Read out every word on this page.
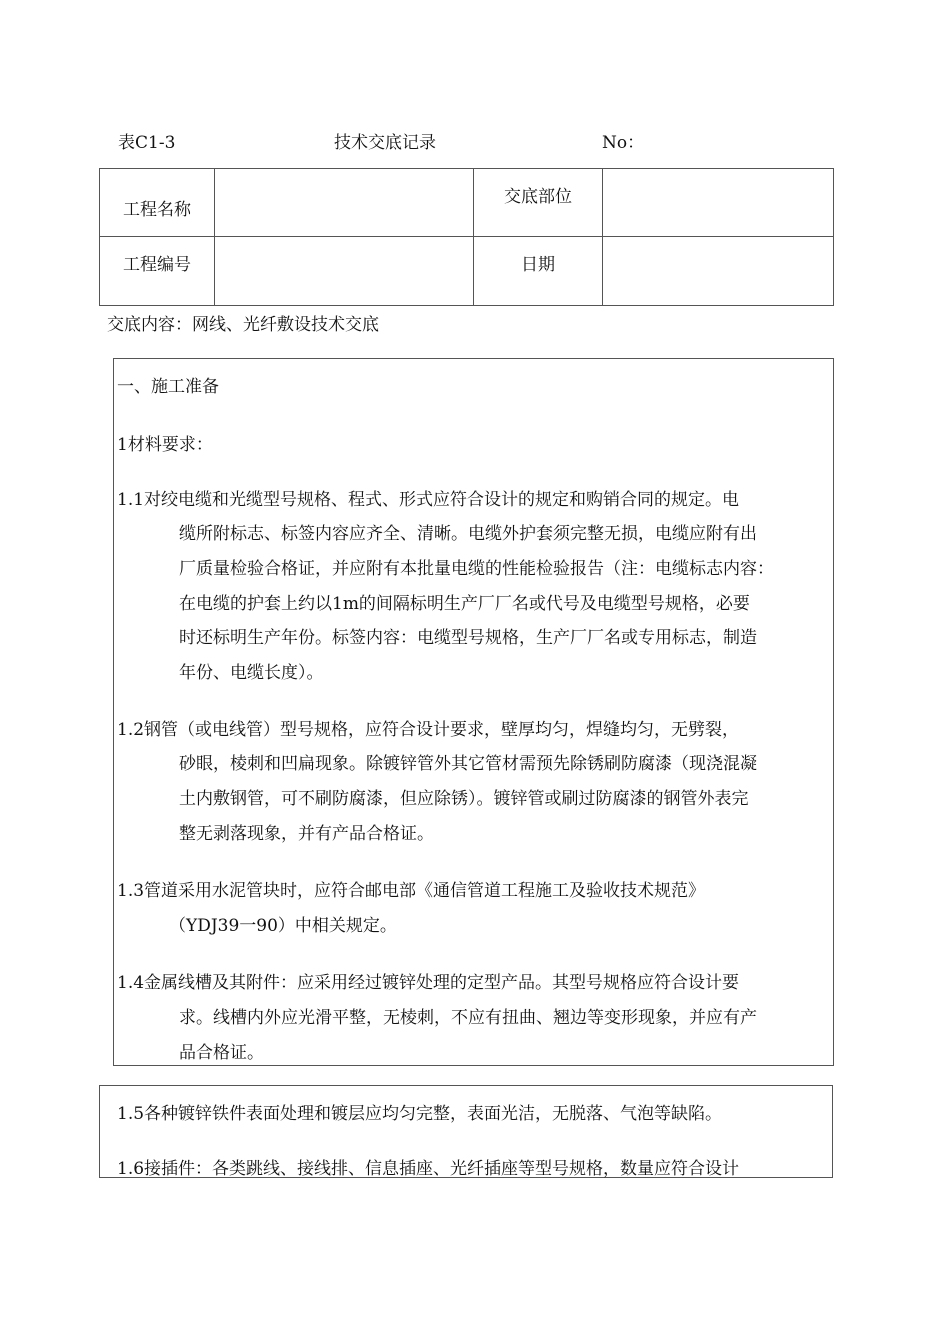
表C1-3	技术交底记录	No：
工程名称		交底部位	
工程编号		日期	
交底内容：网线、光纤敷设技术交底
一、施工准备
1材料要求：
1.1对绞电缆和光缆型号规格、程式、形式应符合设计的规定和购销合同的规定。电
缆所附标志、标签内容应齐全、清晰。电缆外护套须完整无损，电缆应附有出
厂质量检验合格证，并应附有本批量电缆的性能检验报告（注：电缆标志内容：
在电缆的护套上约以1m的间隔标明生产厂厂名或代号及电缆型号规格，必要
时还标明生产年份。标签内容：电缆型号规格，生产厂厂名或专用标志，制造
年份、电缆长度）。
1.2钢管（或电线管）型号规格，应符合设计要求，壁厚均匀，焊缝均匀，无劈裂，
砂眼，棱刺和凹扁现象。除镀锌管外其它管材需预先除锈刷防腐漆（现浇混凝
土内敷钢管，可不刷防腐漆，但应除锈）。镀锌管或刷过防腐漆的钢管外表完
整无剥落现象，并有产品合格证。
1.3管道采用水泥管块时，应符合邮电部《通信管道工程施工及验收技术规范》
（YDJ39一90）中相关规定。
1.4金属线槽及其附件：应采用经过镀锌处理的定型产品。其型号规格应符合设计要
求。线槽内外应光滑平整，无棱刺，不应有扭曲、翘边等变形现象，并应有产
品合格证。
1.5各种镀锌铁件表面处理和镀层应均匀完整，表面光洁，无脱落、气泡等缺陷。
1.6接插件：各类跳线、接线排、信息插座、光纤插座等型号规格，数量应符合设计
